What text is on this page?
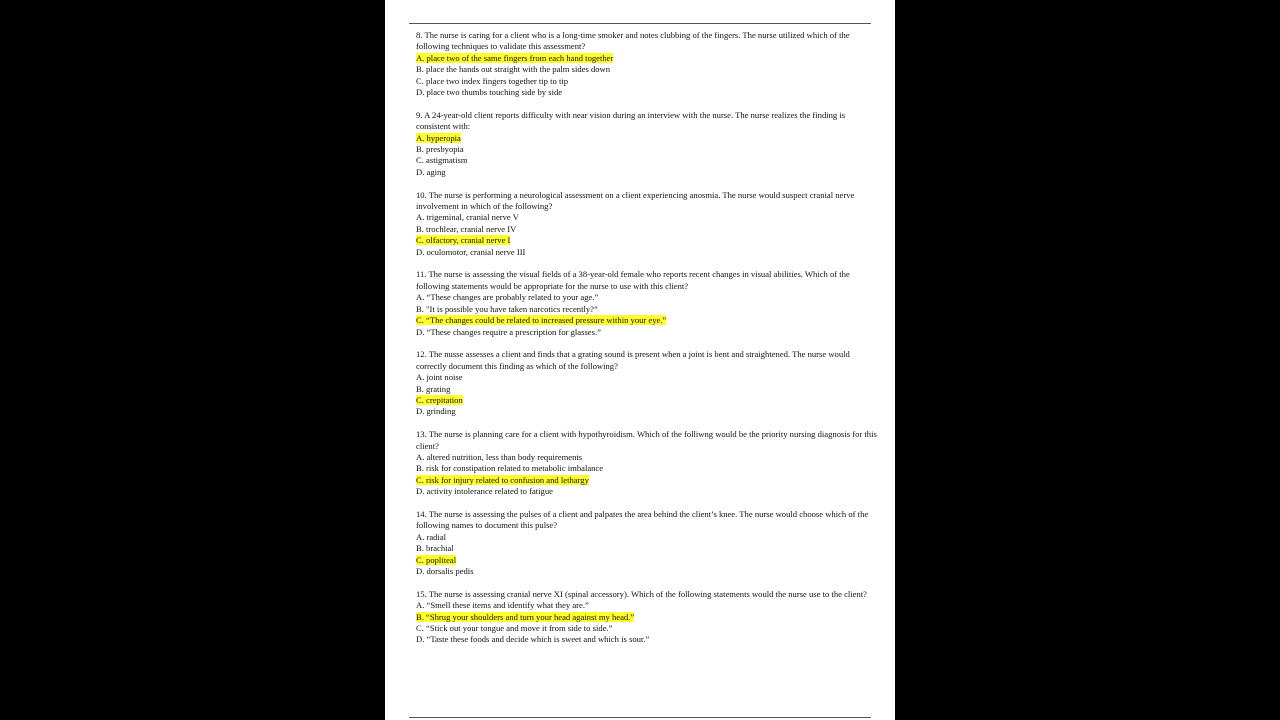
8. The nurse is caring for a client who is a long-time smoker and notes clubbing of the fingers. The nurse utilized which of the following techniques to validate this assessment?
A. place two of the same fingers from each hand together
B. place the hands out straight with the palm sides down
C. place two index fingers together tip to tip
D. place two thumbs touching side by side
9. A 24-year-old client reports difficulty with near vision during an interview with the nurse. The nurse realizes the finding is consistent with:
A. hyperopia
B. presbyopia
C. astigmatism
D. aging
10. The nurse is performing a neurological assessment on a client experiencing anosmia. The nurse would suspect cranial nerve involvement in which of the following?
A. trigeminal, cranial nerve V
B. trochlear, cranial nerve IV
C. olfactory, cranial nerve I
D. oculomotor, cranial nerve III
11. The nurse is assessing the visual fields of a 38-year-old female who reports recent changes in visual abilities. Which of the following statements would be appropriate for the nurse to use with this client?
A. “These changes are probably related to your age.”
B. "It is possible you have taken narcotics recently?”
C. “The changes could be related to increased pressure within your eye.”
D. “These changes require a prescription for glasses.”
12. The nusse assesses a client and finds that a grating sound is present when a joint is bent and straightened. The nurse would correctly document this finding as which of the following?
A. joint noise
B. grating
C. crepitation
D. grinding
13. The nurse is planning care for a client with hypothyroidism. Which of the folliwng would be the priority nursing diagnosis for this client?
A. altered nutrition, less than body requirements
B. risk for constipation related to metabolic imbalance
C. risk for injury related to confusion and lethargy
D. activity intolerance related to fatigue
14. The nurse is assessing the pulses of a client and palpates the area behind the client’s knee. The nurse would choose which of the following names to document this pulse?
A. radial
B. brachial
C. popliteal
D. dorsalis pedis
15. The nurse is assessing cranial nerve XI (spinal accessory). Which of the following statements would the nurse use to the client?
A. “Smell these items and identify what they are.”
B. “Shrug your shoulders and turn your head against my head.”
C. “Stick out your tongue and move it from side to side.”
D. “Taste these foods and decide which is sweet and which is sour.”
